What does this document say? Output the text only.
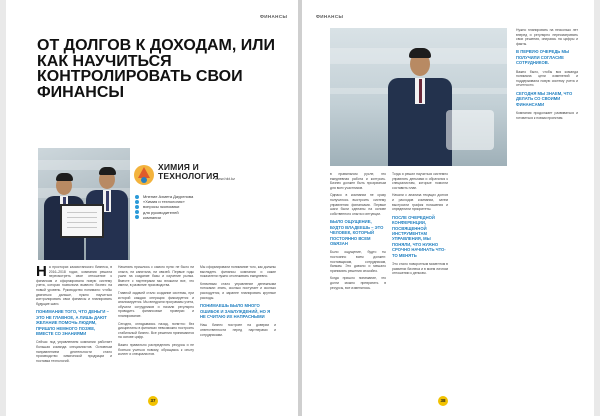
ФИНАНСЫ
ОТ ДОЛГОВ К ДОХОДАМ, ИЛИ КАК НАУЧИТЬСЯ КОНТРОЛИРОВАТЬ СВОИ ФИНАНСЫ
ХИМИЯ И
ТЕХНОЛОГИЯ
www.hkt.kz
Мнение Ахмета Дауренова
«Химия и технология»
вопросы экономики
для руководителей
компании

На просторах казахстанского бизнеса, в 2016–2018 годах, компания решила пересмотреть свое отношение к финансам и сформировала новую систему учета, которая позволила вывести бизнес на новый уровень. Руководство понимало: чтобы двигаться дальше, нужно научиться контролировать свои финансы и планировать будущие шаги.

ПОНИМАНИЕ ТОГО, ЧТО ДЕНЬГИ – ЭТО НЕ ГЛАВНОЕ, А ЛИШЬ ДАЮТ ЖЕЛАНИЕ ПОМОЧЬ ЛЮДЯМ, ПРИШЛО НЕМНОГО ПОЗЖЕ, ВМЕСТЕ СО ЗНАНИЯМИ

Сейчас под управлением компании работает большая команда специалистов. Основным направлением деятельности стало производство химической продукции и поставка технологий.

Начинать пришлось с самого нуля: не было ни опыта, ни капитала, ни связей. Первые годы ушли на создание базы и изучение рынка. Вместе с партнерами мы вложили все, что имели, в развитие производства.

Главной задачей стало создание системы, при которой каждая операция фиксируется и анализируется. Мы внедрили программы учета, обучили сотрудников и начали регулярно проводить финансовые проверки и планирование.

Сегодня, оглядываясь назад, понятно: без дисциплины в финансах невозможно построить стабильный бизнес. Все решения принимаются на основе цифр.

Важно правильно распределять ресурсы и не бояться учиться новому, обращаясь к опыту коллег и специалистов.

Мы сформировали понимание того, как должны выглядеть финансы компании и какие показатели нужно отслеживать ежедневно.

Ключевым стало управление денежными потоками: знать, сколько поступает и сколько расходуется, и заранее планировать крупные расходы.

ПОНИМАЕШЬ БЫЛО МНОГО ОШИБОК И ЗАБЛУЖДЕНИЙ, НО Я НЕ СЧИТАЮ ИХ НАПРАСНЫМИ

Наш бизнес построен на доверии и ответственности перед партнерами и сотрудниками.

37
ФИНАНСЫ

в правильном русле, это ежедневная работа и контроль. Бизнес должен быть прозрачным для всех участников.

Однако в компании не сразу получилось выстроить систему управления финансами. Первые шаги были сделаны на основе собственного опыта и интуиции.

БЫЛО ОЩУЩЕНИЕ, БУДТО ВЛАДЕЕШЬ – ЭТО ЧЕЛОВЕК, КОТОРЫЙ ПОСТОЯННО ВСЕМ ОБЯЗАН

Было ощущение, будто ты постоянно всем должен: поставщикам, сотрудникам, банкам. Это давило и мешало принимать решения спокойно.

Когда пришло понимание, что долги можно превратить в ресурсы, все изменилось.

Тогда я решил научиться системно управлять деньгами и обратился к специалистам, которые помогли составить план.

Начали с анализа текущих долгов и расходов компании, затем выстроили график погашения и определили приоритеты.

ПОСЛЕ ОЧЕРЕДНОЙ КОНФЕРЕНЦИИ, ПОСВЯЩЕННОЙ ИНСТРУМЕНТАМ УПРАВЛЕНИЯ, МЫ ПОНЯЛИ, ЧТО НУЖНО СРОЧНО НАЧИНАТЬ ЧТО-ТО МЕНЯТЬ

Это стало поворотным моментом в развитии бизнеса и в моем личном отношении к деньгам.

Нужно планировать на несколько лет вперед и регулярно пересматривать свои решения, опираясь на цифры и факты.

В ПЕРВУЮ ОЧЕРЕДЬ МЫ ПОЛУЧИЛИ СОГЛАСИЕ СОТРУДНИКОВ.

Важно было, чтобы вся команда понимала цели изменений и поддерживала новую систему учета и отчетности.

СЕГОДНЯ МЫ ЗНАЕМ, ЧТО ДЕЛАТЬ СО СВОИМИ ФИНАНСАМИ

Компания продолжает развиваться и готовиться к новым проектам.

38
